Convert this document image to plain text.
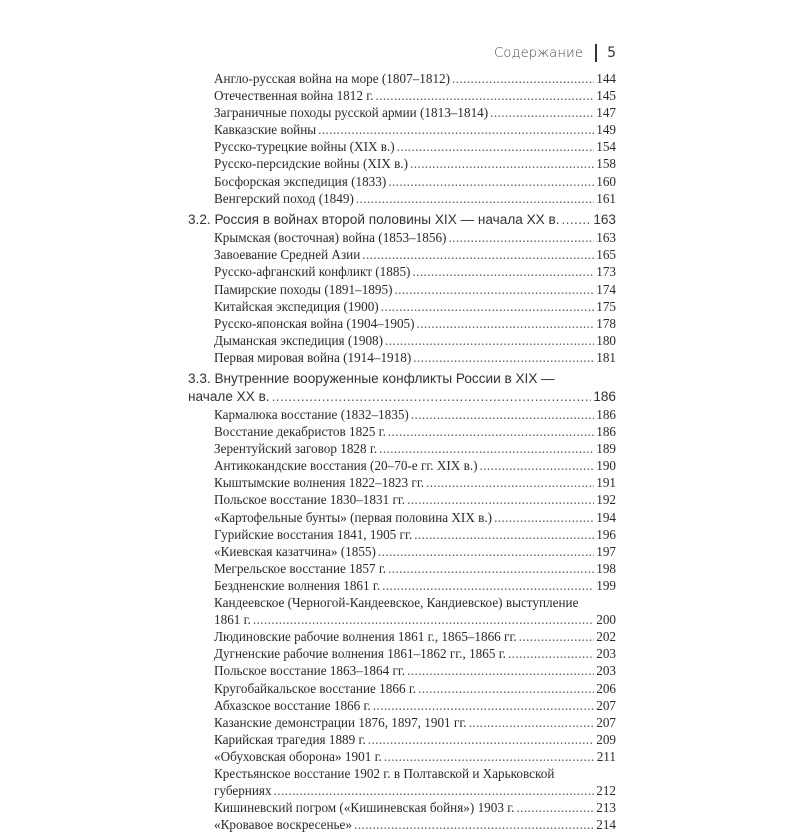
Содержание 5
Англо-русская война на море (1807–1812) .....	144
Отечественная война 1812 г. .....	145
Заграничные походы русской армии (1813–1814) .....	147
Кавказские войны .....	149
Русско-турецкие войны (XIX в.) .....	154
Русско-персидские войны (XIX в.) .....	158
Босфорская экспедиция (1833) .....	160
Венгерский поход (1849) .....	161
3.2. Россия в войнах второй половины XIX — начала XX в. ..... 163
Крымская (восточная) война (1853–1856) .....	163
Завоевание Средней Азии .....	165
Русско-афганский конфликт (1885) .....	173
Памирские походы (1891–1895) .....	174
Китайская экспедиция (1900) .....	175
Русско-японская война (1904–1905) .....	178
Дыманская экспедиция (1908) .....	180
Первая мировая война (1914–1918) .....	181
3.3. Внутренние вооруженные конфликты России в XIX —
начале XX в. .....	186
Кармалюка восстание (1832–1835) .....	186
Восстание декабристов 1825 г. .....	186
Зерентуйский заговор 1828 г. .....	189
Антикокандские восстания (20–70-е гг. XIX в.) .....	190
Кыштымские волнения 1822–1823 гг. .....	191
Польское восстание 1830–1831 гг. .....	192
«Картофельные бунты» (первая половина XIX в.) .....	194
Гурийские восстания 1841, 1905 гг. .....	196
«Киевская казатчина» (1855) .....	197
Мегрельское восстание 1857 г. .....	198
Бездненские волнения 1861 г. .....	199
Кандеевское (Черногой-Кандеевское, Кандиевское) выступление
1861 г. .....	200
Людиновские рабочие волнения 1861 г., 1865–1866 гг. .....	202
Дугненские рабочие волнения 1861–1862 гг., 1865 г. .....	203
Польское восстание 1863–1864 гг. .....	203
Кругобайкальское восстание 1866 г. .....	206
Абхазское восстание 1866 г. .....	207
Казанские демонстрации 1876, 1897, 1901 гг. .....	207
Карийская трагедия 1889 г. .....	209
«Обуховская оборона» 1901 г. .....	211
Крестьянское восстание 1902 г. в Полтавской и Харьковской
губерниях .....	212
Кишиневский погром («Кишиневская бойня») 1903 г. .....	213
«Кровавое воскресенье» .....	214
